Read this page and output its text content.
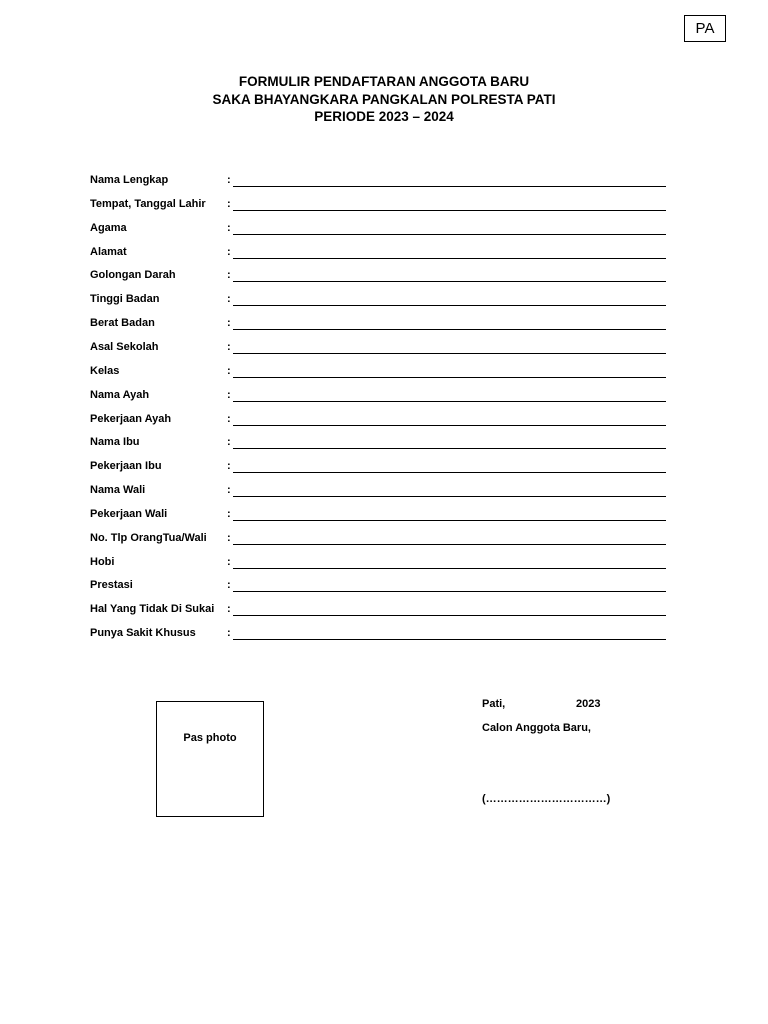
PA
FORMULIR PENDAFTARAN ANGGOTA BARU
SAKA BHAYANGKARA PANGKALAN POLRESTA PATI
PERIODE 2023 – 2024
Nama Lengkap	:
Tempat, Tanggal Lahir :
Agama	:
Alamat	:
Golongan Darah	:
Tinggi Badan	:
Berat Badan	:
Asal Sekolah	:
Kelas	:
Nama Ayah	:
Pekerjaan Ayah	:
Nama Ibu	:
Pekerjaan Ibu	:
Nama Wali	:
Pekerjaan Wali	:
No. Tlp OrangTua/Wali :
Hobi	:
Prestasi	:
Hal Yang Tidak Di Sukai :
Punya Sakit Khusus	:
Pas photo
Pati,	2023
Calon Anggota Baru,
(……………………………)
